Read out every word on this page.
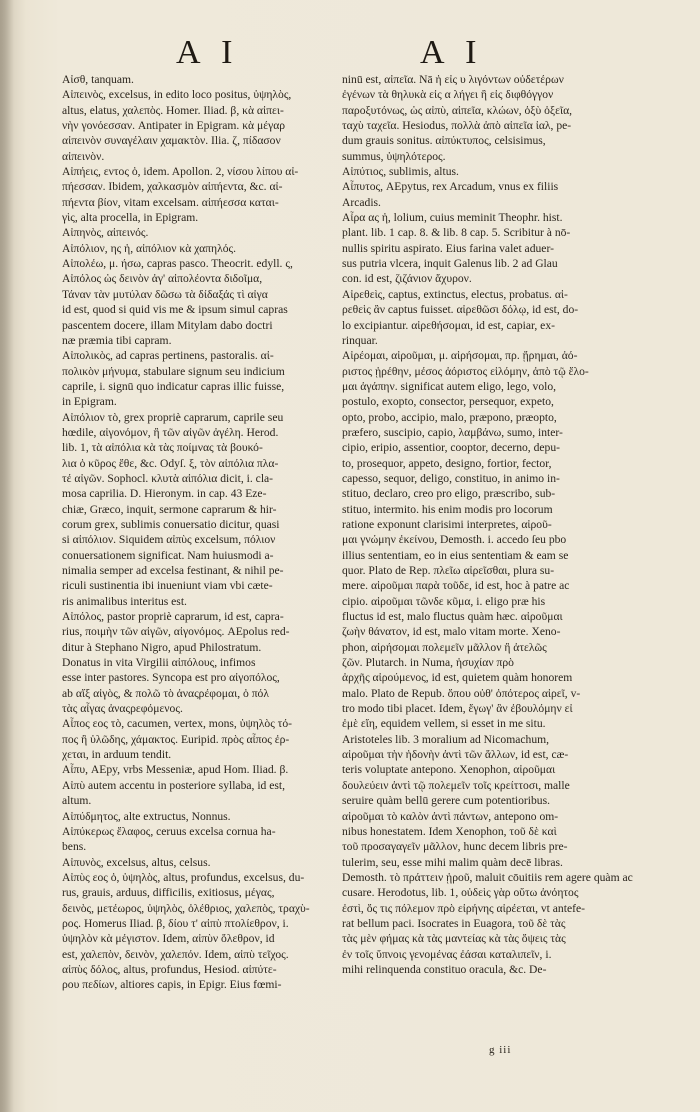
A I	A I
Αἰσθ, tanquam.
Αἰπεινὸς, excelsus, in edito loco positus, ὑψηλὸς,
altus, elatus, χαλεπὸς. Homer. Iliad. β, κὰ αἰπει-
νὴν γονόεσσαν. Antipater in Epigram. κὰ μέγαρ
αἰπεινὸν συναγέλαιν χαμακτὸν. Ilia. ζ, πίδασον
αἰπεινὸν.
Αἰπήεις, εντος ὁ, idem. Apollon. 2, νίσου λίπου αἰ-
πήεσσαν. Ibidem, χαλκασμὸν αἰπήεντα, &c. αἰ-
πήεντα βίον, vitam excelsam. αἰπήεσσα καται-
γὶς, alta procella, in Epigram.
Αἰπηνὸς, αἰπεινός.
Αἰπόλιον, ης ἡ, αἰπόλιον κὰ χαπηλός.
Αἰπολέω, μ. ήσω, capras pasco. Theocrit. edyll. ς,
Αἰπόλος ὡς δεινὸν ἀγ' αἰπολέοντα διδοῖμα,
Τάναν τὰν μυτύλαν δῶσω τὰ δίδαξάς τὶ αἰγα
id est, quod si quid vis me & ipsum simul capras
pascentem docere, illam Mitylam dabo doctri
næ præmia tibi capram.
Αἰπολικὸς, ad capras pertinens, pastoralis. αἰ-
πολικὸν μήνυμα, stabulare signum seu indicium
caprile, i. signū quo indicatur capras illic fuisse,
in Epigram.
Αἰπόλιον τὸ, grex propriè caprarum, caprile seu
hœdile, αἰγονόμον, ἢ τῶν αἰγῶν ἀγέλη. Herod.
lib. 1, τὰ αἰπόλια κὰ τὰς ποίμνας τὰ βουκό-
λια ὁ κῦρος ἔθε, &c. Odyſ. ξ, τὸν αἰπόλια πλα-
τέ αἰγῶν. Sophocl. κλυτὰ αἰπόλια dicit, i. cla-
mosa caprilia. D. Hieronym. in cap. 43 Eze-
chiæ, Græco, inquit, sermone caprarum & hir-
corum grex, sublimis conuersatio dicitur, quasi
si αἰπόλιον. Siquidem αἰπὺς excelsum, πόλιον
conuersationem significat. Nam huiusmodi a-
nimalia semper ad excelsa festinant, & nihil pe-
riculi sustinentia ibi inueniunt viam vbi cæte-
ris animalibus interitus est.
Αἰπόλος, pastor propriè caprarum, id est, capra-
rius, ποιμὴν τῶν αἰγῶν, αἰγονόμος. AEpolus red-
ditur à Stephano Nigro, apud Philostratum.
Donatus in vita Virgilii αἰπόλους, infimos
esse inter pastores. Syncopa est pro αἰγοπόλος,
ab αἴξ αἰγὸς, & πολῶ τὸ ἀναςρέφομαι, ὁ πόλ
τὰς αἶγας ἀναςρεφόμενος.
Αἶπος εος τὸ, cacumen, vertex, mons, ὑψηλὸς τό-
πος ἢ ὑλῶδης, χάμακτος. Euripid. πρὸς αἶπος ἐρ-
χεται, in arduum tendit.
Αἶπυ, AEpy, vrbs Messeniæ, apud Hom. Iliad. β.
Αἰπὺ autem accentu in posteriore syllaba, id est,
altum.
Αἰπύδμητος, alte extructus, Nonnus.
Αἰπύκερως ἔλαφος, ceruus excelsa cornua ha-
bens.
Αἰπυνὸς, excelsus, altus, celsus.
Αἰπὺς εος ὁ, ὑψηλὸς, altus, profundus, excelsus, du-
rus, grauis, arduus, difficilis, exitiosus, μέγας,
δεινὸς, μετέωρος, ὑψηλὸς, ὀλέθριος, χαλεπὸς, τραχὺ-
ρος. Homerus Iliad. β, δίου τ' αἰπὺ πτολίεθρον, i.
ὑψηλὸν κὰ μέγιστον. Idem, αἰπὺν ὄλεθρον, id
est, χαλεπὸν, δεινὸν, χαλεπόν. Idem, αἰπὺ τεῖχος.
αἰπὺς δόλος, altus, profundus, Hesiod. αἰπύτε-
ρου πεδίων, altiores capis, in Epigr. Eius fœmi-
ninū est, αἰπεῖα. Nā ἡ εἰς υ λιγόντων οὐδετέρων
ἐγένων τὰ θηλυκὰ εἰς α λήγει ἢ εἰς διφθόγγον
παροξυτόνως, ὡς αἰπὺ, αἰπεῖα, κλώων, ὀξὺ ὀξεῖα,
ταχὺ ταχεῖα. Hesiodus, πολλὰ ἀπὸ αἰπεῖα ἰαλ, pe-
dum grauis sonitus. αἰπύκτυπος, celsisimus,
summus, ὑψηλότερος.
Αἰπύτιος, sublimis, altus.
Αἶπυτος, AEpytus, rex Arcadum, vnus ex filiis
Arcadis.
Αἶρα ας ἡ, lolium, cuius meminit Theophr. hist.
plant. lib. 1 cap. 8. & lib. 8 cap. 5. Scribitur à nō-
nullis spiritu aspirato. Eius farina valet aduer-
sus putria vlcera, inquit Galenus lib. 2 ad Glau
con. id est, ζιζάνιον ἄχυρον.
Αἱρεθεὶς, captus, extinctus, electus, probatus. αἱ-
ρεθεὶς ἂν captus fuisset. αἱρεθῶσι δόλῳ, id est, do-
lo excipiantur. αἱρεθήσομαι, id est, capiar, ex-
rinquar.
Αἱρέομαι, αἱροῦμαι, μ. αἱρήσομαι, πρ. ᾕρημαι, ἀό-
ριστος ᾑρέθην, μέσος ἀόριστος εἱλόμην, ἀπὸ τῷ ἕλο-
μαι ἀγάπην. significat autem eligo, lego, volo,
postulo, exopto, consector, persequor, expeto,
opto, probo, accipio, malo, præpono, præopto,
præfero, suscipio, capio, λαμβάνω, sumo, inter-
cipio, eripio, assentior, cooptor, decerno, depu-
to, prosequor, appeto, designo, fortior, fector,
capesso, sequor, deligo, constituo, in animo in-
stituo, declaro, creo pro eligo, præscribo, sub-
stituo, intermito. his enim modis pro locorum
ratione exponunt clarisimi interpretes, αἱροῦ-
μαι γνώμην ἐκείνου, Demosth. i. accedo ſeu pbo
illius sententiam, eo in eius sententiam & eam se
quor. Plato de Rep. πλεῖω αἱρεῖσθαι, plura su-
mere. αἱροῦμαι παρὰ τοῦδε, id est, hoc à patre ac
cipio. αἱροῦμαι τῶνδε κῦμα, i. eligo præ his
fluctus id est, malo fluctus quàm hæc. αἱροῦμαι
ζωὴν θάνατον, id est, malo vitam morte. Xeno-
phon, αἱρήσομαι πολεμεῖν μᾶλλον ἢ ἀτελῶς
ζῶν. Plutarch. in Numa, ἡσυχίαν πρὸ
ἀρχῆς αἱρούμενος, id est, quietem quàm honorem
malo. Plato de Repub. ὅπου οὐθ' ὁπότερος αἱρεῖ, v-
tro modo tibi placet. Idem, ἔγωγ' ἂν ἐβουλόμην εἰ
ἐμὲ εἴη, equidem vellem, si esset in me situ.
Aristoteles lib. 3 moralium ad Nicomachum,
αἱροῦμαι τὴν ἡδονὴν ἀντὶ τῶν ἄλλων, id est, cæ-
teris voluptate antepono. Xenophon, αἱροῦμαι
δουλεύειν ἀντὶ τῷ πολεμεῖν τοῖς κρείττοσι, malle
seruire quàm bellū gerere cum potentioribus.
αἱροῦμαι τὸ καλὸν ἀντὶ πάντων, antepono om-
nibus honestatem. Idem Xenophon, τοῦ δὲ καὶ
τοῦ προσαγαγεῖν μᾶλλον, hunc decem libris pre-
tulerim, seu, esse mihi malim quàm decē libras.
Demosth. τὸ πράττειν ᾑροῦ, maluit cōuitiis rem agere quàm ac
cusare. Herodotus, lib. 1, οὐδεὶς γὰρ οὕτω ἀνόητος
ἐστὶ, ὅς τις πόλεμον πρὸ εἰρήνης αἱρέεται, vt antefe-
rat bellum paci. Isocrates in Euagora, τοῦ δὲ τὰς
τὰς μὲν φήμας κὰ τὰς μαντείας κὰ τὰς ὄψεις τὰς
ἐν τοῖς ὕπνοις γενομένας ἐάσαι καταλιπεῖν, i.
mihi relinquenda constituo oracula, &c. De-
g iii
